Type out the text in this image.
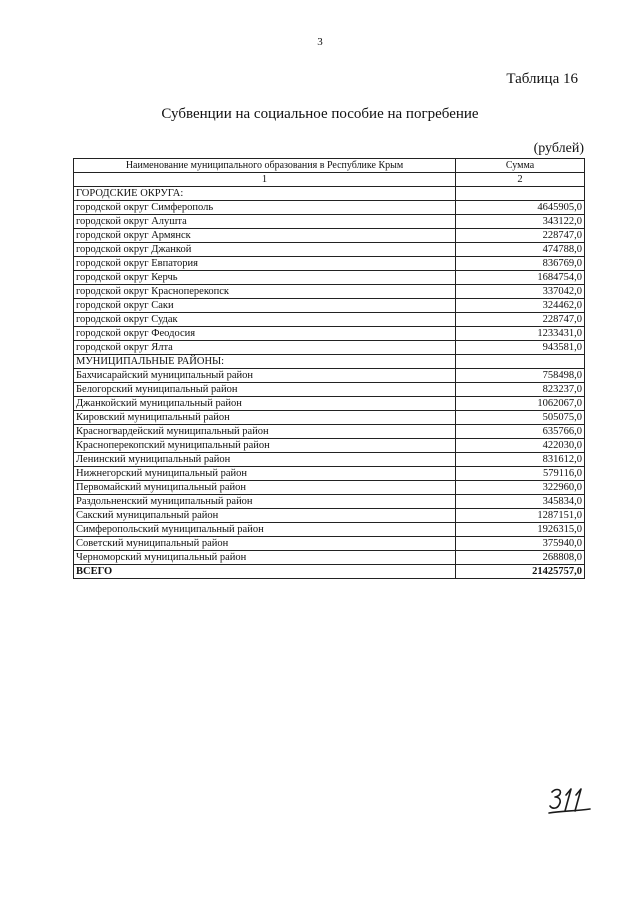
3
Таблица 16
Субвенции на социальное пособие на погребение
(рублей)
Наименование муниципального образования в Республике Крым	Сумма
1	2
ГОРОДСКИЕ ОКРУГА:	
городской округ Симферополь	4645905,0
городской округ Алушта	343122,0
городской округ Армянск	228747,0
городской округ Джанкой	474788,0
городской округ Евпатория	836769,0
городской округ Керчь	1684754,0
городской округ Красноперекопск	337042,0
городской округ Саки	324462,0
городской округ Судак	228747,0
городской округ Феодосия	1233431,0
городской округ Ялта	943581,0
МУНИЦИПАЛЬНЫЕ РАЙОНЫ:	
Бахчисарайский муниципальный район	758498,0
Белогорский муниципальный район	823237,0
Джанкойский муниципальный район	1062067,0
Кировский муниципальный район	505075,0
Красногвардейский муниципальный район	635766,0
Красноперекопский муниципальный район	422030,0
Ленинский муниципальный район	831612,0
Нижнегорский муниципальный район	579116,0
Первомайский муниципальный район	322960,0
Раздольненский муниципальный район	345834,0
Сакский муниципальный район	1287151,0
Симферопольский муниципальный район	1926315,0
Советский муниципальный район	375940,0
Черноморский муниципальный район	268808,0
ВСЕГО	21425757,0
